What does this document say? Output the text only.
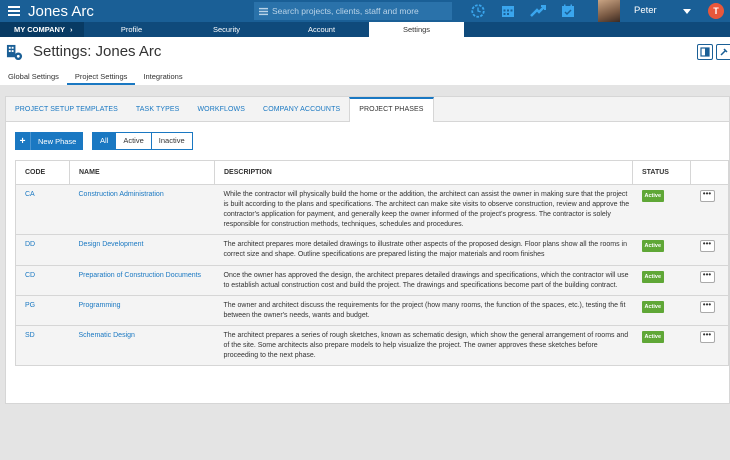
Jones Arc
Search projects, clients, staff and more	Peter	T
MY COMPANY ›	Profile	Security	Account	Settings
Settings: Jones Arc
Global Settings	Project Settings	Integrations
PROJECT SETUP TEMPLATES	TASK TYPES	WORKFLOWS	COMPANY ACCOUNTS	PROJECT PHASES
+	New Phase	All	Active	Inactive
CODE	NAME	DESCRIPTION	STATUS	
CA	Construction Administration	While the contractor will physically build the home or the addition, the architect can assist the owner in making sure that the project is built according to the plans and specifications. The architect can make site visits to observe construction, review and approve the contractor's application for payment, and generally keep the owner informed of the project's progress. The contractor is solely responsible for construction methods, techniques, schedules and procedures.	Active	•••
DD	Design Development	The architect prepares more detailed drawings to illustrate other aspects of the proposed design. Floor plans show all the rooms in correct size and shape. Outline specifications are prepared listing the major materials and room finishes	Active	•••
CD	Preparation of Construction Documents	Once the owner has approved the design, the architect prepares detailed drawings and specifications, which the contractor will use to establish actual construction cost and build the project. The drawings and specifications become part of the building contract.	Active	•••
PG	Programming	The owner and architect discuss the requirements for the project (how many rooms, the function of the spaces, etc.), testing the fit between the owner's needs, wants and budget.	Active	•••
SD	Schematic Design	The architect prepares a series of rough sketches, known as schematic design, which show the general arrangement of rooms and of the site. Some architects also prepare models to help visualize the project. The owner approves these sketches before proceeding to the next phase.	Active	•••
